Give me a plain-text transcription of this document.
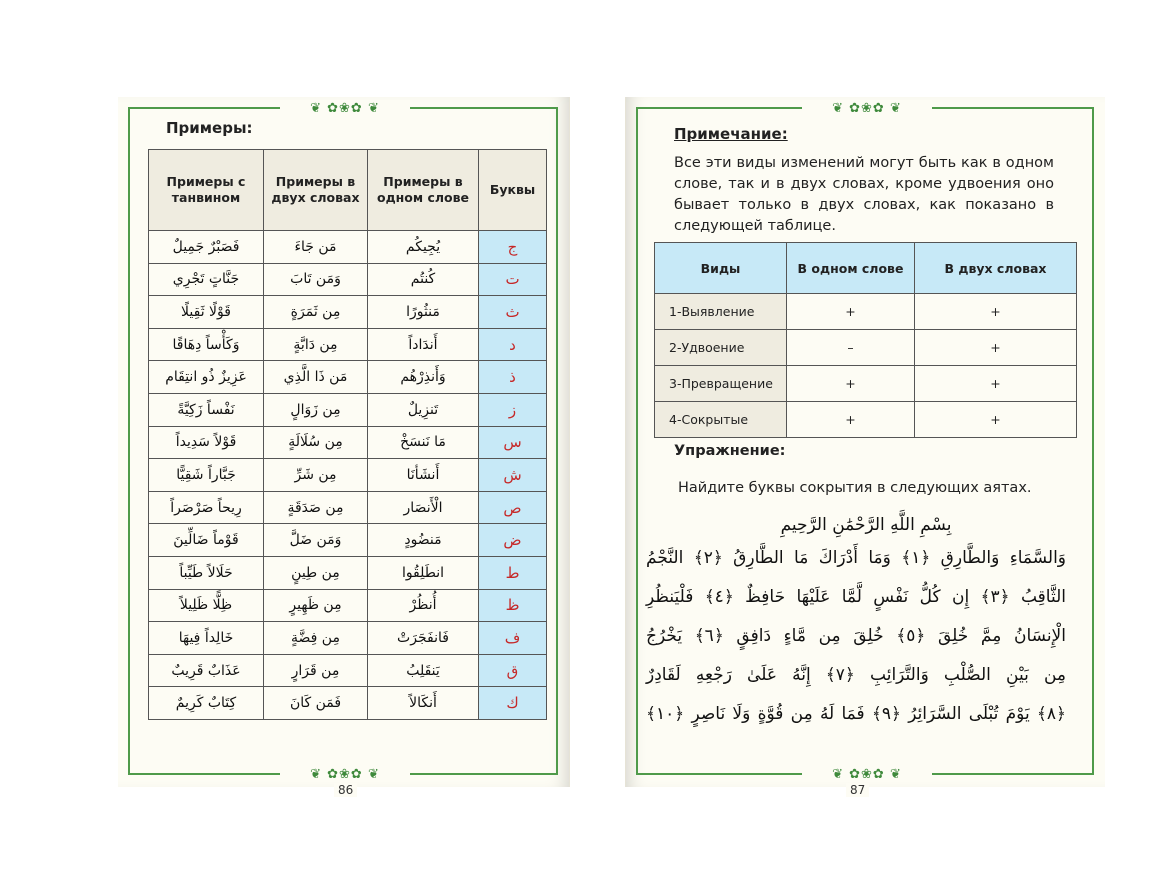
❦ ✿❀✿ ❦
❦ ✿❀✿ ❦
86
Примеры:
Примеры с танвином	Примеры в двух словах	Примеры в одном слове	Буквы
فَصَبْرٌ جَمِيلٌ	مَن جَاءَ	يُجِيكُم	ج
جَنَّاتٍ تَجْرِي	وَمَن تَابَ	كُنتُم	ت
قَوْلًا ثَقِيلًا	مِن ثَمَرَةٍ	مَنثُورًا	ث
وَكَأْساً دِهَاقًا	مِن دَابَّةٍ	أَندَاداً	د
عَزِيزٌ ذُو انتِقَام	مَن ذَا الَّذِي	وَأَنذِرْهُم	ذ
نَفْساً زَكِيَّةً	مِن زَوَالٍ	تَنزِيلٌ	ز
قَوْلاً سَدِيداً	مِن سُلَالَةٍ	مَا نَنسَخْ	س
جَبَّاراً شَقِيًّا	مِن شَرِّ	أَنشَأنَا	ش
رِيحاً صَرْصَراً	مِن صَدَقَةٍ	الْأَنصَار	ص
قَوْماً ضَالِّينَ	وَمَن ضَلَّ	مَنضُودٍ	ض
حَلَالاً طَيِّباً	مِن طِينٍ	انطَلِقُوا	ط
ظِلًّا ظَلِيلاً	مِن ظَهِيرٍ	أُنظُرْ	ظ
خَالِداً فِيهَا	مِن فِضَّةٍ	فَانفَجَرَتْ	ف
عَذَابٌ قَرِيبٌ	مِن قَرَارٍ	يَنقَلِبُ	ق
كِتَابٌ كَرِيمٌ	فَمَن كَانَ	أَنكَالاً	ك
❦ ✿❀✿ ❦
❦ ✿❀✿ ❦
87
Примечание:
Все эти виды изменений могут быть как в одном слове, так и в двух словах, кроме удвоения оно бывает только в двух словах, как показано в следующей таблице.
Виды	В одном слове	В двух словах
1-Выявление	+	+
2-Удвоение	–	+
3-Превращение	+	+
4-Сокрытые	+	+
Упражнение:
Найдите буквы сокрытия в следующих аятах.
بِسْمِ اللَّهِ الرَّحْمَٰنِ الرَّحِيمِ
وَالسَّمَاءِ وَالطَّارِقِ ﴿١﴾ وَمَا أَدْرَاكَ مَا الطَّارِقُ ﴿٢﴾ النَّجْمُ
الثَّاقِبُ ﴿٣﴾ إِن كُلُّ نَفْسٍ لَّمَّا عَلَيْهَا حَافِظٌ ﴿٤﴾ فَلْيَنظُرِ
الْإِنسَانُ مِمَّ خُلِقَ ﴿٥﴾ خُلِقَ مِن مَّاءٍ دَافِقٍ ﴿٦﴾ يَخْرُجُ
مِن بَيْنِ الصُّلْبِ وَالتَّرَائِبِ ﴿٧﴾ إِنَّهُ عَلَىٰ رَجْعِهِ لَقَادِرٌ
﴿٨﴾ يَوْمَ تُبْلَى السَّرَائِرُ ﴿٩﴾ فَمَا لَهُ مِن قُوَّةٍ وَلَا نَاصِرٍ ﴿١٠﴾
